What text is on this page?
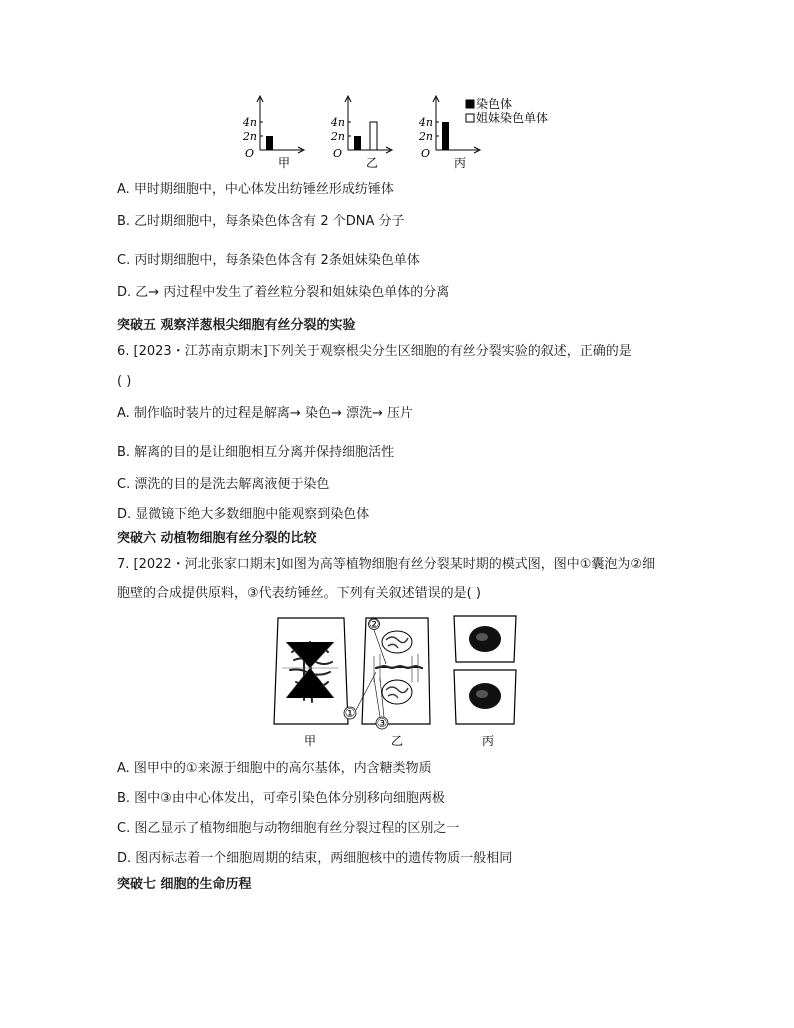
4n
2n
O
甲
4n
2n
O
乙
4n
2n
O
丙
染色体
姐妹染色单体
A. 甲时期细胞中，中心体发出纺锤丝形成纺锤体
B. 乙时期细胞中，每条染色体含有 2 个DNA 分子
C. 丙时期细胞中，每条染色体含有 2条姐妹染色单体
D. 乙→ 丙过程中发生了着丝粒分裂和姐妹染色单体的分离
突破五 观察洋葱根尖细胞有丝分裂的实验
6. [2023・江苏南京期末]下列关于观察根尖分生区细胞的有丝分裂实验的叙述，正确的是
( )
A. 制作临时装片的过程是解离→ 染色→ 漂洗→ 压片
B. 解离的目的是让细胞相互分离并保持细胞活性
C. 漂洗的目的是洗去解离液便于染色
D. 显微镜下绝大多数细胞中能观察到染色体
突破六 动植物细胞有丝分裂的比较
7. [2022・河北张家口期末]如图为高等植物细胞有丝分裂某时期的模式图，图中①囊泡为②细
胞壁的合成提供原料，③代表纺锤丝。下列有关叙述错误的是( )
②
①
③
甲	乙	丙
A. 图甲中的①来源于细胞中的高尔基体，内含糖类物质
B. 图中③由中心体发出，可牵引染色体分别移向细胞两极
C. 图乙显示了植物细胞与动物细胞有丝分裂过程的区别之一
D. 图丙标志着一个细胞周期的结束，两细胞核中的遗传物质一般相同
突破七 细胞的生命历程
